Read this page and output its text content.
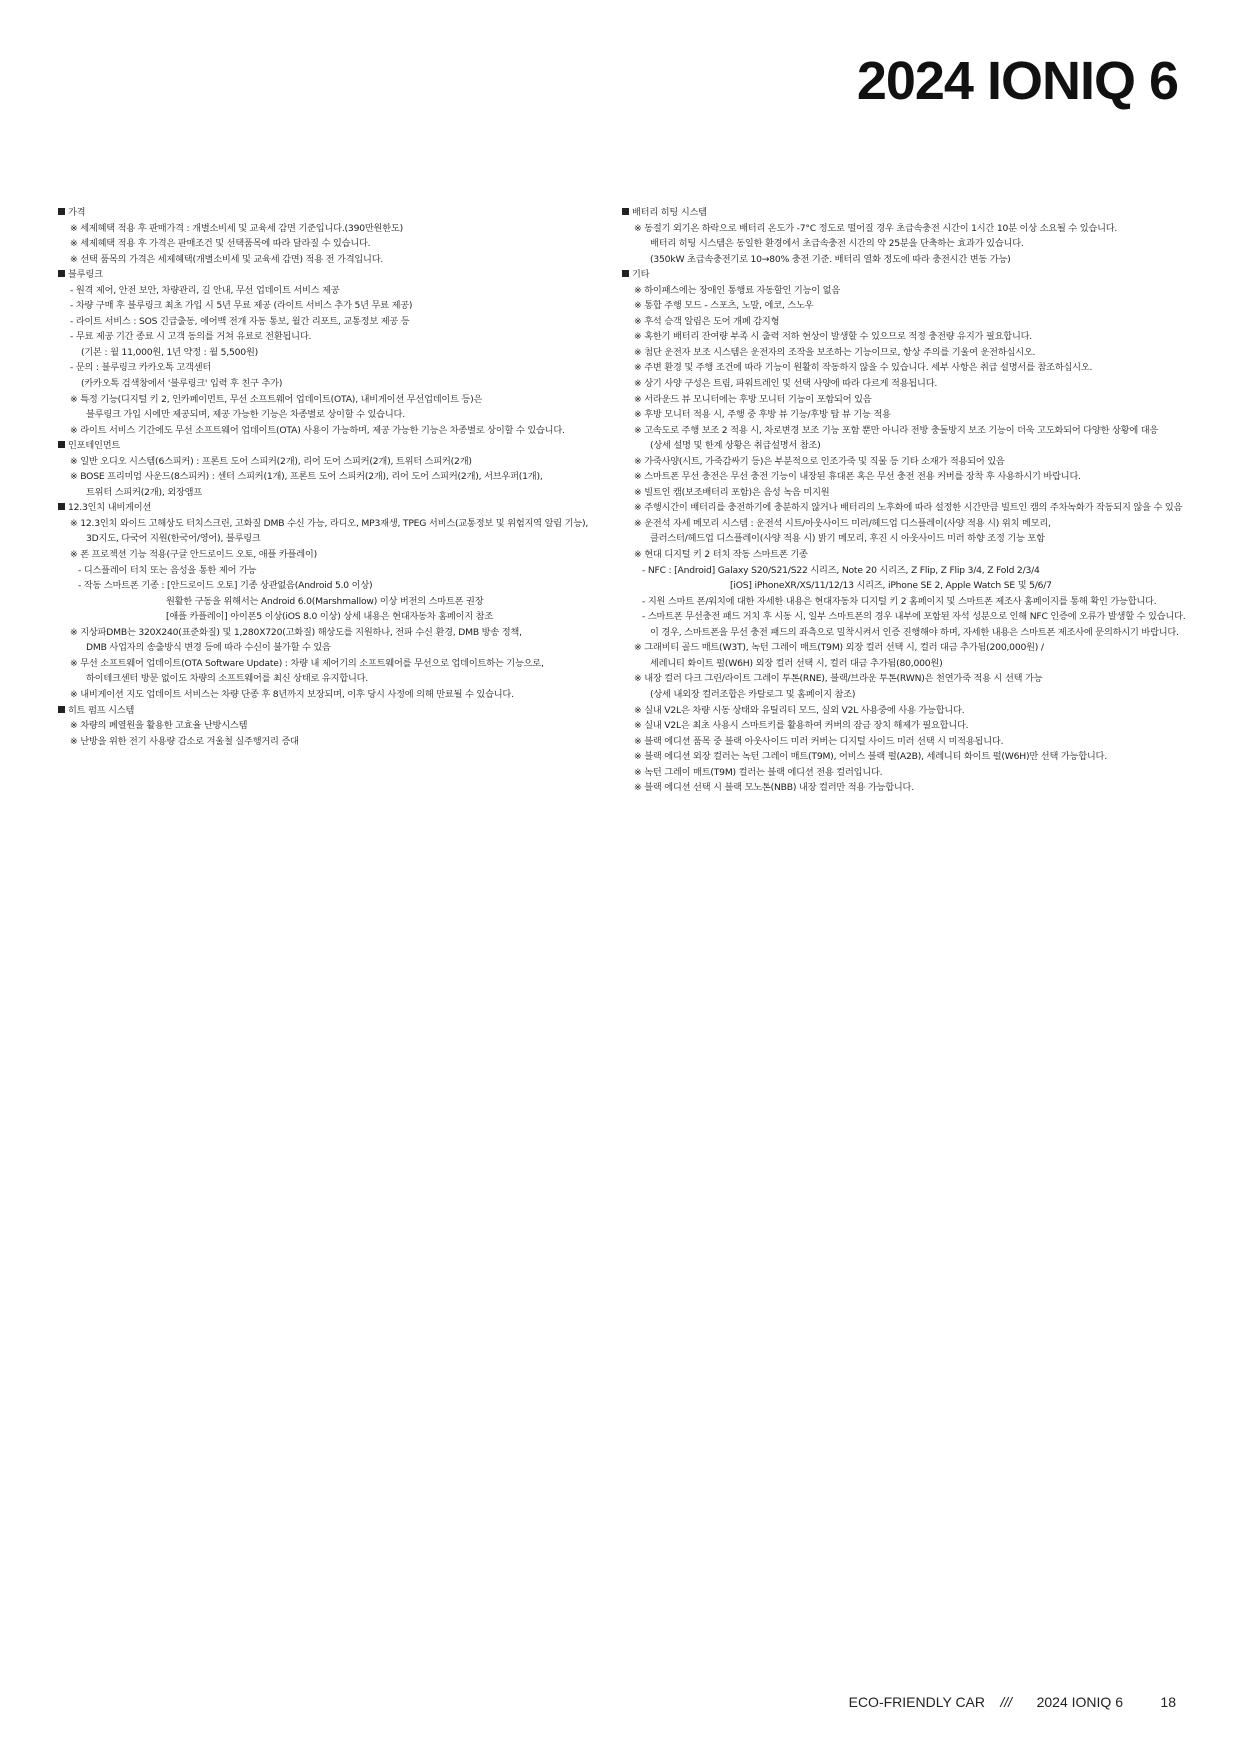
2024 IONIQ 6
가격
※ 세제혜택 적용 후 판매가격 : 개별소비세 및 교육세 감면 기준입니다.(390만원한도)
※ 세제혜택 적용 후 가격은 판매조건 및 선택품목에 따라 달라질 수 있습니다.
※ 선택 품목의 가격은 세제혜택(개별소비세 및 교육세 감면) 적용 전 가격입니다.
블루링크
- 원격 제어, 안전 보안, 차량관리, 길 안내, 무선 업데이트 서비스 제공
- 차량 구매 후 블루링크 최초 가입 시 5년 무료 제공 (라이트 서비스 추가 5년 무료 제공)
- 라이트 서비스 : SOS 긴급출동, 에어백 전개 자동 통보, 월간 리포트, 교통정보 제공 등
- 무료 제공 기간 종료 시 고객 동의를 거쳐 유료로 전환됩니다.
(기본 : 월 11,000원, 1년 약정 : 월 5,500원)
- 문의 : 블루링크 카카오톡 고객센터
(카카오톡 검색창에서 '블루링크' 입력 후 친구 추가)
※ 특정 기능(디지털 키 2, 인카페이먼트, 무선 소프트웨어 업데이트(OTA), 내비게이션 무선업데이트 등)은
블루링크 가입 시에만 제공되며, 제공 가능한 기능은 차종별로 상이할 수 있습니다.
※ 라이트 서비스 기간에도 무선 소프트웨어 업데이트(OTA) 사용이 가능하며, 제공 가능한 기능은 차종별로 상이할 수 있습니다.
인포테인먼트
※ 일반 오디오 시스템(6스피커) : 프론트 도어 스피커(2개), 리어 도어 스피커(2개), 트위터 스피커(2개)
※ BOSE 프리미엄 사운드(8스피커) : 센터 스피커(1개), 프론트 도어 스피커(2개), 리어 도어 스피커(2개), 서브우퍼(1개),
트위터 스피커(2개), 외장앰프
12.3인치 내비게이션
※ 12.3인치 와이드 고해상도 터치스크린, 고화질 DMB 수신 가능, 라디오, MP3재생, TPEG 서비스(교통정보 및 위험지역 알림 기능),
3D지도, 다국어 지원(한국어/영어), 블루링크
※ 폰 프로젝션 기능 적용(구글 안드로이드 오토, 애플 카플레이)
- 디스플레이 터치 또는 음성을 통한 제어 가능
- 작동 스마트폰 기종 : [안드로이드 오토] 기종 상관없음(Android 5.0 이상)
원활한 구동을 위해서는 Android 6.0(Marshmallow) 이상 버전의 스마트폰 권장
[애플 카플레이] 아이폰5 이상(iOS 8.0 이상) 상세 내용은 현대자동차 홈페이지 참조
※ 지상파DMB는 320X240(표준화질) 및 1,280X720(고화질) 해상도를 지원하나, 전파 수신 환경, DMB 방송 정책,
DMB 사업자의 송출방식 변경 등에 따라 수신이 불가할 수 있음
※ 무선 소프트웨어 업데이트(OTA Software Update) : 차량 내 제어기의 소프트웨어를 무선으로 업데이트하는 기능으로,
하이테크센터 방문 없이도 차량의 소프트웨어를 최신 상태로 유지합니다.
※ 내비게이션 지도 업데이트 서비스는 차량 단종 후 8년까지 보장되며, 이후 당시 사정에 의해 만료될 수 있습니다.
히트 펌프 시스템
※ 차량의 폐열원을 활용한 고효율 난방시스템
※ 난방을 위한 전기 사용량 감소로 겨울철 실주행거리 증대
배터리 히팅 시스템
※ 동절기 외기온 하락으로 배터리 온도가 -7°C 정도로 떨어질 경우 초급속충전 시간이 1시간 10분 이상 소요될 수 있습니다.
배터리 히팅 시스템은 동일한 환경에서 초급속충전 시간의 약 25분을 단축하는 효과가 있습니다.
(350kW 초급속충전기로 10→80% 충전 기준. 배터리 열화 정도에 따라 충전시간 변동 가능)
기타
※ 하이패스에는 장애인 통행료 자동할인 기능이 없음
※ 통합 주행 모드 - 스포츠, 노말, 에코, 스노우
※ 후석 승객 알림은 도어 개폐 감지형
※ 혹한기 배터리 잔여량 부족 시 출력 저하 현상이 발생할 수 있으므로 적정 충전량 유지가 필요합니다.
※ 첨단 운전자 보조 시스템은 운전자의 조작을 보조하는 기능이므로, 항상 주의를 기울여 운전하십시오.
※ 주변 환경 및 주행 조건에 따라 기능이 원활히 작동하지 않을 수 있습니다. 세부 사항은 취급 설명서를 참조하십시오.
※ 상기 사양 구성은 트림, 파워트레인 및 선택 사양에 따라 다르게 적용됩니다.
※ 서라운드 뷰 모니터에는 후방 모니터 기능이 포함되어 있음
※ 후방 모니터 적용 시, 주행 중 후방 뷰 기능/후방 탑 뷰 기능 적용
※ 고속도로 주행 보조 2 적용 시, 차로변경 보조 기능 포함 뿐만 아니라 전방 충돌방지 보조 기능이 더욱 고도화되어 다양한 상황에 대응
(상세 설명 및 한계 상황은 취급설명서 참조)
※ 가죽사양(시트, 가죽감싸기 등)은 부분적으로 인조가죽 및 직물 등 기타 소재가 적용되어 있음
※ 스마트폰 무선 충전은 무선 충전 기능이 내장된 휴대폰 혹은 무선 충전 전용 커버를 장착 후 사용하시기 바랍니다.
※ 빌트인 캠(보조배터리 포함)은 음성 녹음 미지원
※ 주행시간이 배터리를 충전하기에 충분하지 않거나 배터리의 노후화에 따라 설정한 시간만큼 빌트인 캠의 주차녹화가 작동되지 않을 수 있음
※ 운전석 자세 메모리 시스템 : 운전석 시트/아웃사이드 미러/헤드업 디스플레이(사양 적용 시) 위치 메모리,
클러스터/헤드업 디스플레이(사양 적용 시) 밝기 메모리, 후진 시 아웃사이드 미러 하향 조정 기능 포함
※ 현대 디지털 키 2 터치 작동 스마트폰 기종
- NFC : [Android] Galaxy S20/S21/S22 시리즈, Note 20 시리즈, Z Flip, Z Flip 3/4, Z Fold 2/3/4
[iOS] iPhoneXR/XS/11/12/13 시리즈, iPhone SE 2, Apple Watch SE 및 5/6/7
- 지원 스마트 폰/워치에 대한 자세한 내용은 현대자동차 디지털 키 2 홈페이지 및 스마트폰 제조사 홈페이지를 통해 확인 가능합니다.
- 스마트폰 무선충전 패드 거치 후 시동 시, 일부 스마트폰의 경우 내부에 포함된 자석 성분으로 인해 NFC 인증에 오류가 발생할 수 있습니다.
이 경우, 스마트폰을 무선 충전 패드의 좌측으로 밀착시켜서 인증 진행해야 하며, 자세한 내용은 스마트폰 제조사에 문의하시기 바랍니다.
※ 그래비티 골드 매트(W3T), 녹턴 그레이 매트(T9M) 외장 컬러 선택 시, 컬러 대금 추가됨(200,000원) /
세레니티 화이트 펄(W6H) 외장 컬러 선택 시, 컬러 대금 추가됨(80,000원)
※ 내장 컬러 다크 그린/라이트 그레이 투톤(RNE), 블랙/브라운 투톤(RWN)은 천연가죽 적용 시 선택 가능
(상세 내외장 컬러조합은 카탈로그 및 홈페이지 참조)
※ 실내 V2L은 차량 시동 상태와 유틸리티 모드, 실외 V2L 사용중에 사용 가능합니다.
※ 실내 V2L은 최초 사용시 스마트키를 활용하여 커버의 잠금 장치 해제가 필요합니다.
※ 블랙 에디션 품목 중 블랙 아웃사이드 미러 커버는 디지털 사이드 미러 선택 시 미적용됩니다.
※ 블랙 에디션 외장 컬러는 녹턴 그레이 매트(T9M), 어비스 블랙 펄(A2B), 세레니티 화이트 펄(W6H)만 선택 가능합니다.
※ 녹턴 그레이 매트(T9M) 컬러는 블랙 에디션 전용 컬러입니다.
※ 블랙 에디션 선택 시 블랙 모노톤(NBB) 내장 컬러만 적용 가능합니다.
ECO-FRIENDLY CAR /// 2024 IONIQ 6	18
